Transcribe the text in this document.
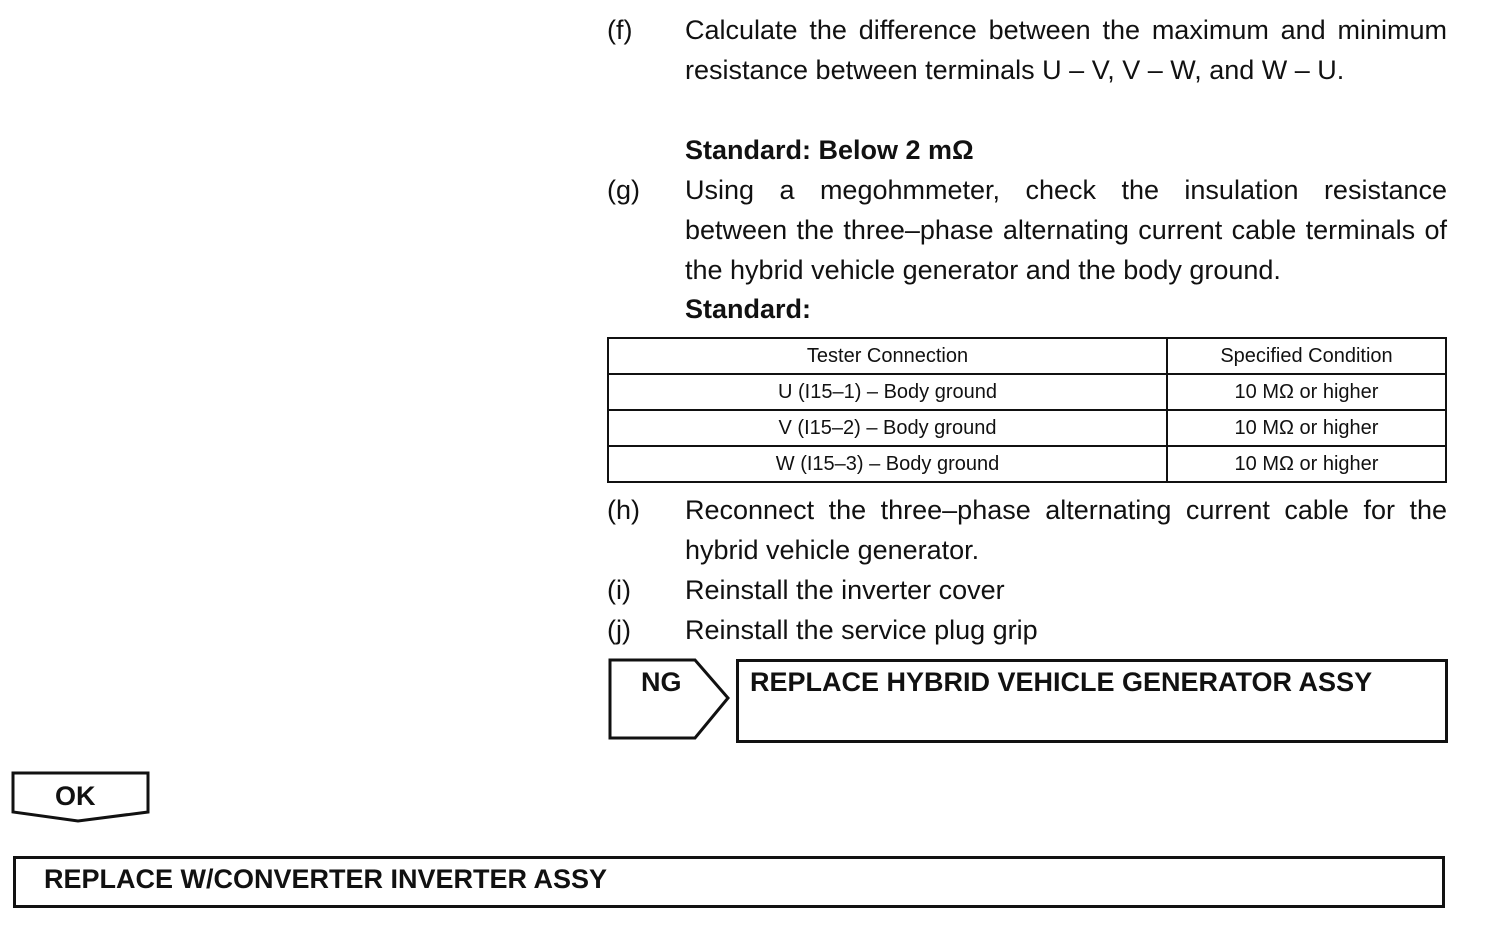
(f) Calculate the difference between the maximum and minimum resistance between terminals U – V, V – W, and W – U.
Standard: Below 2 mΩ
(g) Using a megohmmeter, check the insulation resistance between the three–phase alternating current cable terminals of the hybrid vehicle generator and the body ground.
Standard:
Tester Connection	Specified Condition
U (I15–1) – Body ground	10 MΩ or higher
V (I15–2) – Body ground	10 MΩ or higher
W (I15–3) – Body ground	10 MΩ or higher
(h) Reconnect the three–phase alternating current cable for the hybrid vehicle generator.
(i) Reinstall the inverter cover
(j) Reinstall the service plug grip
NG	REPLACE HYBRID VEHICLE GENERATOR ASSY
OK
REPLACE W/CONVERTER INVERTER ASSY
